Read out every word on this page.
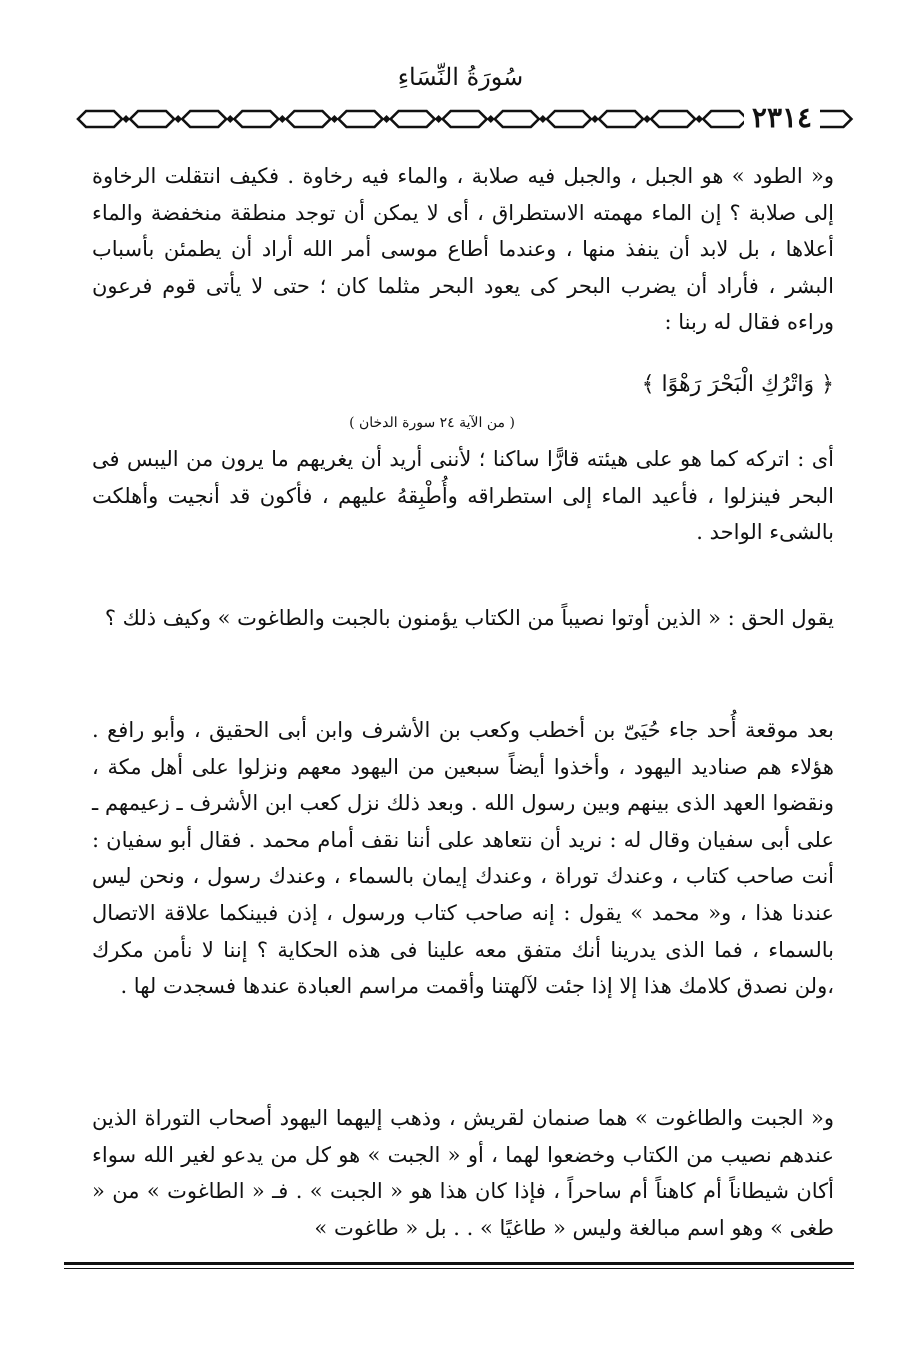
سُورَةُ النِّسَاءِ
٢٣١٤
و« الطود » هو الجبل ، والجبل فيه صلابة ، والماء فيه رخاوة . فكيف انتقلت الرخاوة إلى صلابة ؟ إن الماء مهمته الاستطراق ، أى لا يمكن أن توجد منطقة منخفضة والماء أعلاها ، بل لابد أن ينفذ منها ، وعندما أطاع موسى أمر الله أراد أن يطمئن بأسباب البشر ، فأراد أن يضرب البحر كى يعود البحر مثلما كان ؛ حتى لا يأتى قوم فرعون وراءه فقال له ربنا :
﴿ وَاتْرُكِ الْبَحْرَ رَهْوًا ﴾
( من الآية ٢٤ سورة الدخان )
أى : اتركه كما هو على هيئته قارًّا ساكنا ؛ لأننى أريد أن يغريهم ما يرون من اليبس فى البحر فينزلوا ، فأعيد الماء إلى استطراقه وأُطْبِقهُ عليهم ، فأكون قد أنجيت وأهلكت بالشىء الواحد .
يقول الحق : « الذين أوتوا نصيباً من الكتاب يؤمنون بالجبت والطاغوت » وكيف ذلك ؟
بعد موقعة أُحد جاء حُيَىّ بن أخطب وكعب بن الأشرف وابن أبى الحقيق ، وأبو رافع . هؤلاء هم صناديد اليهود ، وأخذوا أيضاً سبعين من اليهود معهم ونزلوا على أهل مكة ، ونقضوا العهد الذى بينهم وبين رسول الله . وبعد ذلك نزل كعب ابن الأشرف ـ زعيمهم ـ على أبى سفيان وقال له : نريد أن نتعاهد على أننا نقف أمام محمد . فقال أبو سفيان : أنت صاحب كتاب ، وعندك توراة ، وعندك إيمان بالسماء ، وعندك رسول ، ونحن ليس عندنا هذا ، و« محمد » يقول : إنه صاحب كتاب ورسول ، إذن فبينكما علاقة الاتصال بالسماء ، فما الذى يدرينا أنك متفق معه علينا فى هذه الحكاية ؟ إننا لا نأمن مكرك ،ولن نصدق كلامك هذا إلا إذا جئت لآلهتنا وأقمت مراسم العبادة عندها فسجدت لها .
و« الجبت والطاغوت » هما صنمان لقريش ، وذهب إليهما اليهود أصحاب التوراة الذين عندهم نصيب من الكتاب وخضعوا لهما ، أو « الجبت » هو كل من يدعو لغير الله سواء أكان شيطاناً أم كاهناً أم ساحراً ، فإذا كان هذا هو « الجبت » . فـ « الطاغوت » من « طغى » وهو اسم مبالغة وليس « طاغيًا » . . بل « طاغوت »
